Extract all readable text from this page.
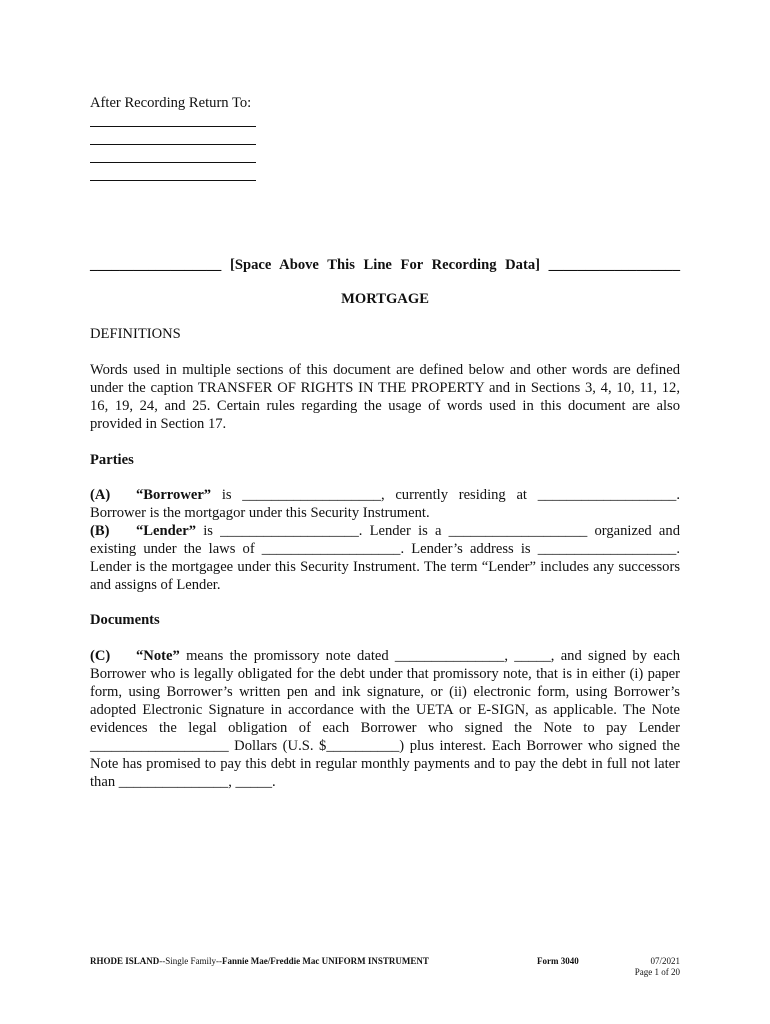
After Recording Return To:
__________________ [Space Above This Line For Recording Data] __________________
MORTGAGE
DEFINITIONS
Words used in multiple sections of this document are defined below and other words are defined under the caption TRANSFER OF RIGHTS IN THE PROPERTY and in Sections 3, 4, 10, 11, 12, 16, 19, 24, and 25. Certain rules regarding the usage of words used in this document are also provided in Section 17.
Parties
(A) “Borrower” is ___________________, currently residing at ___________________.
Borrower is the mortgagor under this Security Instrument.
(B) “Lender” is ___________________. Lender is a ___________________ organized and
existing under the laws of ___________________. Lender’s address is ___________________. Lender is the mortgagee under this Security Instrument. The term “Lender” includes any successors and assigns of Lender.
Documents
(C) “Note” means the promissory note dated _______________, _____, and signed by each
Borrower who is legally obligated for the debt under that promissory note, that is in either (i) paper form, using Borrower’s written pen and ink signature, or (ii) electronic form, using Borrower’s adopted Electronic Signature in accordance with the UETA or E-SIGN, as applicable. The Note evidences the legal obligation of each Borrower who signed the Note to pay Lender ___________________ Dollars (U.S. $__________) plus interest. Each Borrower who signed the Note has promised to pay this debt in regular monthly payments and to pay the debt in full not later than _______________, _____.
RHODE ISLAND--Single Family--Fannie Mae/Freddie Mac UNIFORM INSTRUMENT	Form 3040	07/2021
Page 1 of 20
